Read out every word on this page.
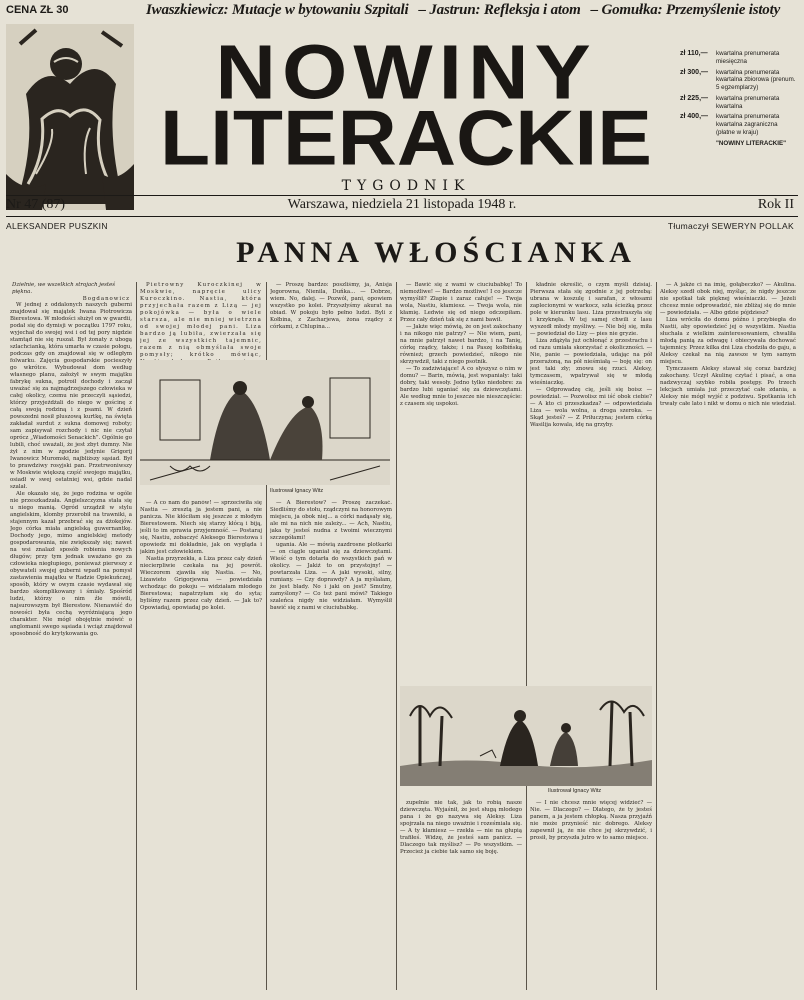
CENA ZŁ 30	Iwaszkiewicz: Mutacje w bytowaniu Szpitali – Jastrun: Refleksja i atom – Gomułka: Przemyślenie istoty
NOWINY
LITERACKIE
TYGODNIK
zł 110,—	kwartalna prenumerata miesięczna
zł 300,—	kwartalna prenumerata kwartalna zbiorowa (prenum. 5 egzemplarzy)
zł 225,—	kwartalna prenumerata kwartalna
zł 400,—	kwartalna prenumerata kwartalna zagraniczna (płatne w kraju)
"NOWINY LITERACKIE"
Nr 47 (87)	Warszawa, niedziela 21 listopada 1948 r.	Rok II
ALEKSANDER PUSZKIN	Tłumaczył SEWERYN POLLAK
PANNA WŁOŚCIANKA
Dzielnie, we wszelkich strojach jesteś piękna.
Bogdanowicz

W jednej z oddalonych naszych guberni znajdował się majątek Iwana Piotrowicza Bierestowa. W młodości służył on w gwardii, podał się do dymisji w początku 1797 roku, wyjechał do swojej wsi i od tej pory nigdzie stamtąd nie się ruszał. Był żonaty z ubogą szlachcianką, która umarła w czasie połogu, podczas gdy on znajdował się w odległym folwarku. Zajęcia gospodarskie pocieszyły go wkrótce. Wybudował dom według własnego planu, założył w swym majątku fabrykę sukna, potroił dochody i zaczął uważać się za najmądrzejszego człowieka w całej okolicy, czemu nie przeczyli sąsiedzi, którzy przyjeżdżali do niego w gościnę z całą swoją rodziną i z psami. W dzień powszedni nosił pluszową kurtkę, na święta zakładał surdut z sukna domowej roboty; sam zapisywał rozchody i nic nie czytał oprócz „Wiadomości Senackich”. Ogólnie go lubili, choć uważali, że jest zbyt dumny. Nie żył z nim w zgodzie jedynie Grigorij Iwanowicz Muromski, najbliższy sąsiad. Był to prawdziwy rosyjski pan. Przetrwoniwszy w Moskwie większą część swojego majątku, osiadł w swej ostatniej wsi, gdzie nadal szalał.

Ale okazało się, że jego rodzina w ogóle nie przeszkadzała. Angielszczyzna stała się u niego manią. Ogród urządził w stylu angielskim, klomby przerobił na trawniki, a stajennym kazał przebrać się za dżokejów. Jego córka miała angielską guwernantkę. Dochody jego, mimo angielskiej metody gospodarowania, nie zwiększały się; nawet na wsi znalazł sposób robienia nowych długów; przy tym jednak uważano go za człowieka niegłupiego, ponieważ pierwszy z obywateli swojej guberni wpadł na pomysł zastawienia majątku w Radzie Opiekuńczej, sposób, który w owym czasie wydawał się bardzo skomplikowany i śmiały. Spośród ludzi, którzy o nim źle mówili, najsurowszym był Bierestow. Nienawiść do nowości była cechą wyróżniającą jego charakter. Nie mógł obojętnie mówić o anglomanii swego sąsiada i wciąż znajdował sposobność do krytykowania go.

Pietrowny Kuroczkinej w Moskwie, napręcie ulicy Kuroczkino. Nastia, która przyjechała razem z Lizą — jej pokojówka — była o wiele starsza, ale nie mniej wietrzna od swojej młodej pani. Liza bardzo ją lubiła, zwierzała się jej ze wszystkich tajemnic, razem z nią obmyślała swoje pomysły; krótko mówiąc,

— A co nam do panów! — sprzeciwiła się Nastia — zresztą ja jestem pani, a nie panicza. Nie kłóciłam się jeszcze z młodym Bierestowem. Niech się starzy kłócą i biją, jeśli to im sprawia przyjemność. — Postaraj się, Nastiu, zobaczyć Aleksego Bierestowa i opowiedz mi dokładnie, jak on wygląda i jakim jest człowiekiem.

Nastia przyrzekła, a Liza przez cały dzień niecierpliwie czekała na jej powrót. Wieczorem zjawiła się Nastia. — No, Lizawieto Grigorjewna — powiedziała wchodząc do pokoju — widziałam młodego Bierestowa; napatrzyłam się do syta; byliśmy razem przez cały dzień. — Jak to? Opowiadaj, opowiadaj po kolei.

— Proszę bardzo: poszliśmy, ja, Anisja Jegorowna, Nienila, Duńka... — Dobrze, wiem. No, dalej. — Pozwól, pani, opowiem wszystko po kolei. Przyszłyśmy akurat na obiad. W pokoju było pełno ludzi. Byli z Kołbina, z Zacharjewa, żona rządcy z córkami, z Chlupina...

— A Bierestow? — Proszę zaczekać. Siedliśmy do stołu, rządczyni na honorowym miejscu, ja obok niej... a córki nadąsały się, ale mi na nich nie zależy... — Ach, Nastiu, jaka ty jesteś nudna z twoimi wiecznymi szczegółami!

ugania. Ale — mówią zazdrosne plotkarki — on ciągle uganiał się za dziewczętami. Wieść o tym dotarła do wszystkich pań w okolicy. — Jakiż to on przystojny! — powtarzała Liza. — A jaki wysoki, silny, rumiany. — Czy doprawdy? A ja myślałam, że jest blady. No i jaki on jest? Smutny, zamyślony? — Co też pani mówi? Takiego szaleńca nigdy nie widziałam. Wymyślił bawić się z nami w ciuciubabkę.

Ilustrował Ignacy Witz

— Bawić się z wami w ciuciubabkę! To niemożliwe! — Bardzo możliwe! I co jeszcze wymyślił? Złapie i zaraz całuje! — Twoja wola, Nastiu, kłamiesz. — Twoja wola, nie kłamię. Ledwie się od niego odczepiłam. Przez cały dzień tak się z nami bawił.

— Jakże więc mówią, że on jest zakochany i na nikogo nie patrzy? — Nie wiem, pani, na mnie patrzył nawet bardzo, i na Tanię, córkę rządcy, także; i na Paszę kołbińską również; grzech powiedzieć, nikogo nie skrzywdził, taki z niego psotnik.

— To zadziwiające! A co słyszysz o nim w domu? — Barin, mówią, jest wspaniały: taki dobry, taki wesoły. Jedno tylko niedobre: za bardzo lubi uganiać się za dziewczętami. Ale według mnie to jeszcze nie nieszczęście: z czasem się uspokoi.

zupełnie nie tak, jak to robią nasze dziewczęta. Wyjaśnił, że jest sługą młodego pana i że go nazywa się Aleksy. Liza spojrzała na niego uważnie i roześmiała się. — A ty kłamiesz — rzekła — nie na głupią trafiłeś. Widzę, że jesteś sam panicz. — Dlaczego tak myślisz? — Po wszystkim. — Przecież ja ciebie tak samo się boję.

kładnie określić, o czym myśli dzisiaj. Pierwsza stała się zgodnie z jej potrzebą: ubrana w koszulę i sarafan, z włosami zaplecionymi w warkocz, szła ścieżką przez pole w kierunku lasu. Liza przestraszyła się i krzyknęła. W tej samej chwili z lasu wyszedł młody myśliwy. — Nie bój się, miła — powiedział do Lizy — pies nie gryzie.

Liza zdążyła już ochłonąć z przestrachu i od razu umiała skorzystać z okoliczności. — Nie, panie — powiedziała, udając na pół przerażoną, na pół nieśmiałą — boję się: on jest taki zły; znowu się rzuci. Aleksy, tymczasem, wpatrywał się w młodą wieśniaczkę.

— Odprowadzę cię, jeśli się boisz — powiedział. — Pozwolisz mi iść obok ciebie? — A kto ci przeszkadza? — odpowiedziała Liza — wola wolna, a droga szeroka. — Skąd jesteś? — Z Priłuczyna; jestem córką Wasilija kowala, idę na grzyby.

— I nie chcesz mnie więcej widzieć? — Nie. — Dlaczego? — Dlatego, że ty jesteś panem, a ja jestem chłopką. Nasza przyjaźń nie może przynieść nic dobrego. Aleksy zapewnił ją, że nie chce jej skrzywdzić, i prosił, by przyszła jutro w to samo miejsce.

Ilustrował Ignacy Witz

— A jakże ci na imię, gołąbeczko? — Akulina. Aleksy szedł obok niej, myśląc, że nigdy jeszcze nie spotkał tak pięknej wieśniaczki. — Jeżeli chcesz mnie odprowadzić, nie zbliżaj się do mnie — powiedziała. — Albo gdzie pójdziesz?

Liza wróciła do domu późno i przybiegła do Nastii, aby opowiedzieć jej o wszystkim. Nastia słuchała z wielkim zainteresowaniem, chwaliła młodą panią za odwagę i obiecywała dochować tajemnicy. Przez kilka dni Liza chodziła do gaju, a Aleksy czekał na nią zawsze w tym samym miejscu.

Tymczasem Aleksy stawał się coraz bardziej zakochany. Uczył Akulinę czytać i pisać, a ona nadzwyczaj szybko robiła postępy. Po trzech lekcjach umiała już przeczytać całe zdania, a Aleksy nie mógł wyjść z podziwu. Spotkania ich trwały całe lato i nikt w domu o nich nie wiedział.
